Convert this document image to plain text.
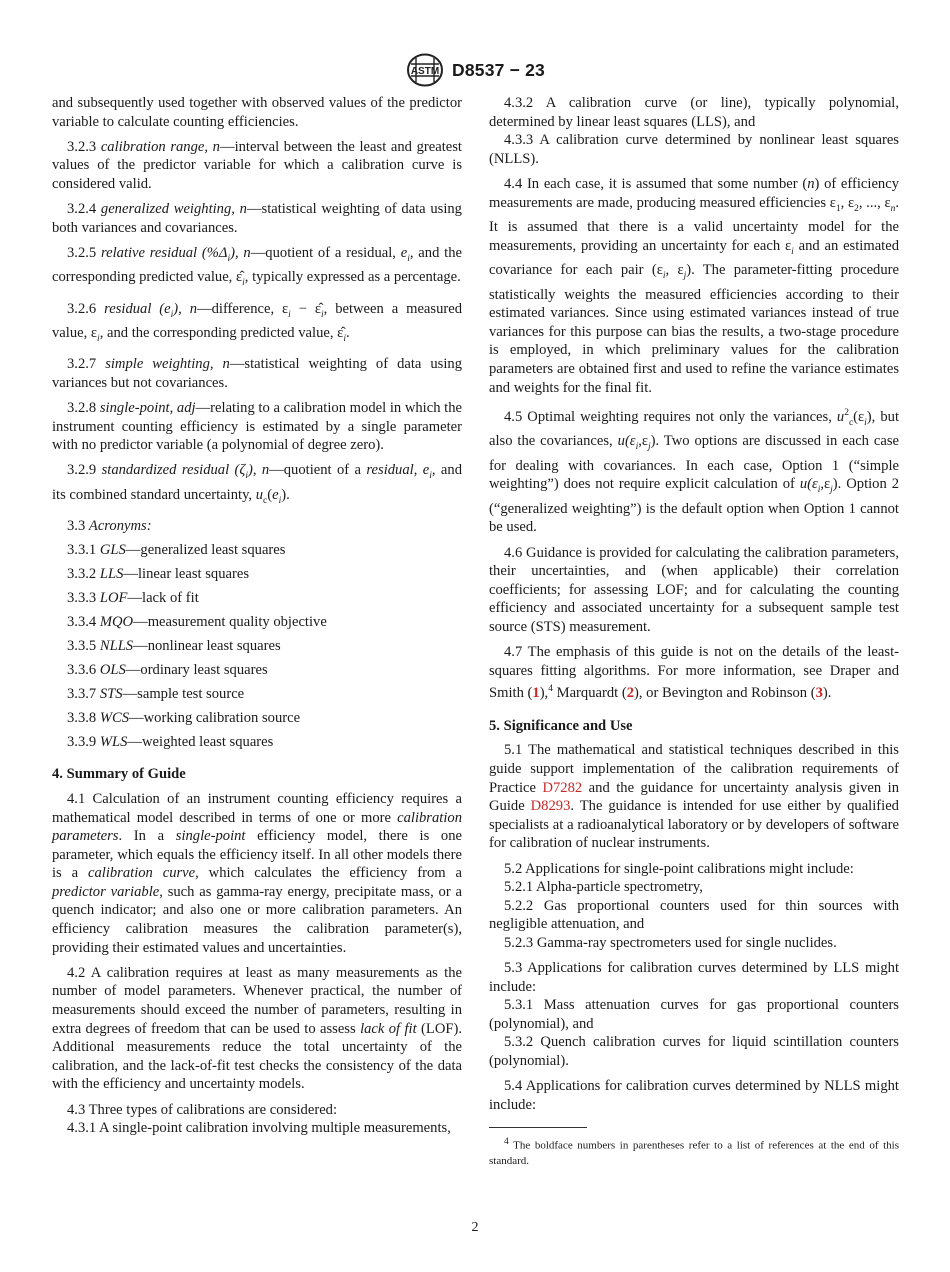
ASTM D8537 − 23

and subsequently used together with observed values of the predictor variable to calculate counting efficiencies.

3.2.3 calibration range, n—interval between the least and greatest values of the predictor variable for which a calibration curve is considered valid.

3.2.4 generalized weighting, n—statistical weighting of data using both variances and covariances.

3.2.5 relative residual $(\%\Delta_i)$, n—quotient of a residual, $e_i$, and the corresponding predicted value, $\varepsilon̂_i$, typically expressed as a percentage.

3.2.6 residual $(e_i)$, n—difference, $\varepsilon_i$ − $\varepsilon̂_i$, between a measured value, $\varepsilon_i$, and the corresponding predicted value, $\varepsilon̂_i$.

3.2.7 simple weighting, n—statistical weighting of data using variances but not covariances.

3.2.8 single-point, adj—relating to a calibration model in which the instrument counting efficiency is estimated by a single parameter with no predictor variable (a polynomial of degree zero).

3.2.9 standardized residual $(\zeta_i)$, n—quotient of a residual, $e_i$, and its combined standard uncertainty, $u_c(e_i)$.

3.3 Acronyms:

3.3.1 GLS—generalized least squares

3.3.2 LLS—linear least squares

3.3.3 LOF—lack of fit

3.3.4 MQO—measurement quality objective

3.3.5 NLLS—nonlinear least squares

3.3.6 OLS—ordinary least squares

3.3.7 STS—sample test source

3.3.8 WCS—working calibration source

3.3.9 WLS—weighted least squares

4. Summary of Guide

4.1 Calculation of an instrument counting efficiency requires a mathematical model described in terms of one or more calibration parameters. In a single-point efficiency model, there is one parameter, which equals the efficiency itself. In all other models there is a calibration curve, which calculates the efficiency from a predictor variable, such as gamma-ray energy, precipitate mass, or a quench indicator; and also one or more calibration parameters. An efficiency calibration measures the calibration parameter(s), providing their estimated values and uncertainties.

4.2 A calibration requires at least as many measurements as the number of model parameters. Whenever practical, the number of measurements should exceed the number of parameters, resulting in extra degrees of freedom that can be used to assess lack of fit (LOF). Additional measurements reduce the total uncertainty of the calibration, and the lack-of-fit test checks the consistency of the data with the efficiency and uncertainty models.

4.3 Three types of calibrations are considered:

4.3.1 A single-point calibration involving multiple measurements,

4.3.2 A calibration curve (or line), typically polynomial, determined by linear least squares (LLS), and

4.3.3 A calibration curve determined by nonlinear least squares (NLLS).

4.4 In each case, it is assumed that some number (n) of efficiency measurements are made, producing measured efficiencies $\varepsilon_1$, $\varepsilon_2$, ..., $\varepsilon_n$. It is assumed that there is a valid uncertainty model for the measurements, providing an uncertainty for each $\varepsilon_i$ and an estimated covariance for each pair ($\varepsilon_i$, $\varepsilon_j$). The parameter-fitting procedure statistically weights the measured efficiencies according to their estimated variances. Since using estimated variances instead of true variances for this purpose can bias the results, a two-stage procedure is employed, in which preliminary values for the calibration parameters are obtained first and used to refine the variance estimates and weights for the final fit.

4.5 Optimal weighting requires not only the variances, $u^2_c(\varepsilon_i)$, but also the covariances, $u(\varepsilon_i,\varepsilon_j)$. Two options are discussed in each case for dealing with covariances. In each case, Option 1 (“simple weighting”) does not require explicit calculation of $u(\varepsilon_i,\varepsilon_j)$. Option 2 (“generalized weighting”) is the default option when Option 1 cannot be used.

4.6 Guidance is provided for calculating the calibration parameters, their uncertainties, and (when applicable) their correlation coefficients; for assessing LOF; and for calculating the counting efficiency and associated uncertainty for a subsequent sample test source (STS) measurement.

4.7 The emphasis of this guide is not on the details of the least-squares fitting algorithms. For more information, see Draper and Smith (1),$^4$ Marquardt (2), or Bevington and Robinson (3).

5. Significance and Use

5.1 The mathematical and statistical techniques described in this guide support implementation of the calibration requirements of Practice D7282 and the guidance for uncertainty analysis given in Guide D8293. The guidance is intended for use either by qualified specialists at a radioanalytical laboratory or by developers of software for calibration of nuclear instruments.

5.2 Applications for single-point calibrations might include:

5.2.1 Alpha-particle spectrometry,

5.2.2 Gas proportional counters used for thin sources with negligible attenuation, and

5.2.3 Gamma-ray spectrometers used for single nuclides.

5.3 Applications for calibration curves determined by LLS might include:

5.3.1 Mass attenuation curves for gas proportional counters (polynomial), and

5.3.2 Quench calibration curves for liquid scintillation counters (polynomial).

5.4 Applications for calibration curves determined by NLLS might include:

$^4$ The boldface numbers in parentheses refer to a list of references at the end of this standard.
2
